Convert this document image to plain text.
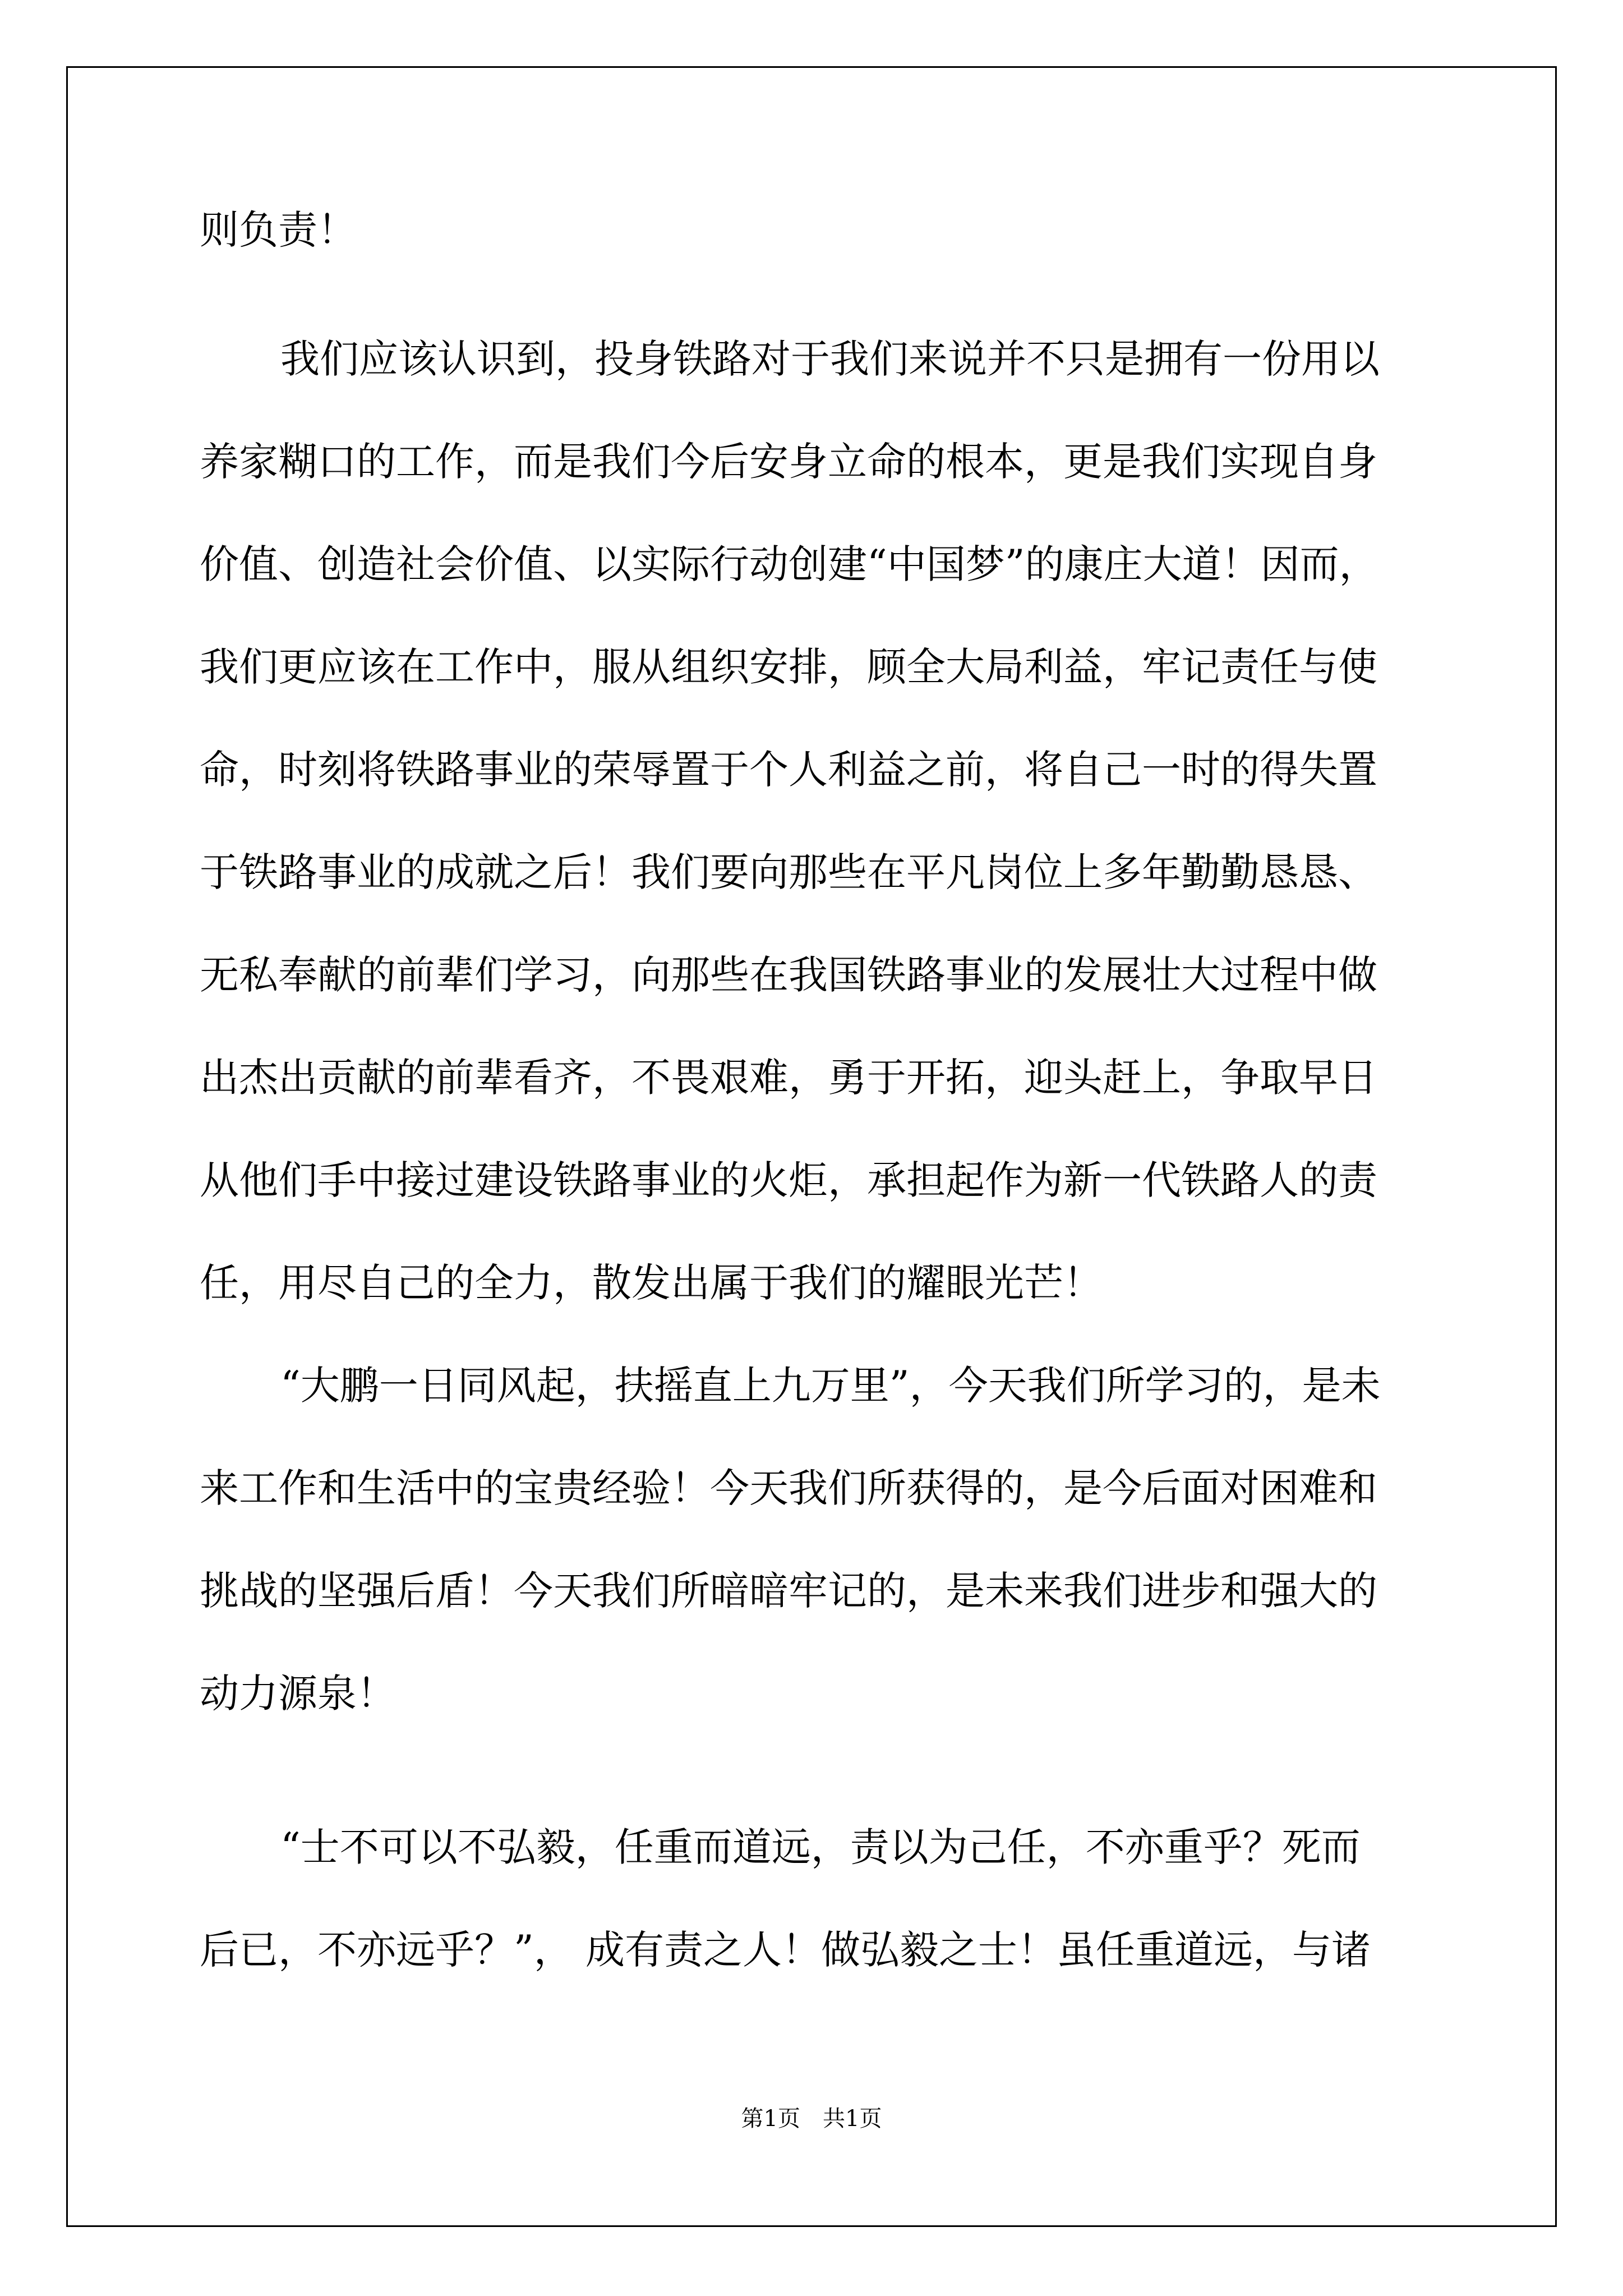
则负责！
我们应该认识到，投身铁路对于我们来说并不只是拥有一份用以
养家糊口的工作，而是我们今后安身立命的根本，更是我们实现自身
价值、创造社会价值、以实际行动创建“中国梦”的康庄大道！因而，
我们更应该在工作中，服从组织安排，顾全大局利益，牢记责任与使
命，时刻将铁路事业的荣辱置于个人利益之前，将自己一时的得失置
于铁路事业的成就之后！我们要向那些在平凡岗位上多年勤勤恳恳、
无私奉献的前辈们学习，向那些在我国铁路事业的发展壮大过程中做
出杰出贡献的前辈看齐，不畏艰难，勇于开拓，迎头赶上，争取早日
从他们手中接过建设铁路事业的火炬，承担起作为新一代铁路人的责
任，用尽自己的全力，散发出属于我们的耀眼光芒！
“大鹏一日同风起，扶摇直上九万里”，今天我们所学习的，是未
来工作和生活中的宝贵经验！今天我们所获得的，是今后面对困难和
挑战的坚强后盾！今天我们所暗暗牢记的，是未来我们进步和强大的
动力源泉！
“士不可以不弘毅，任重而道远，责以为己任，不亦重乎？死而
后已，不亦远乎？”， 成有责之人！做弘毅之士！虽任重道远，与诸
第1页　共1页
